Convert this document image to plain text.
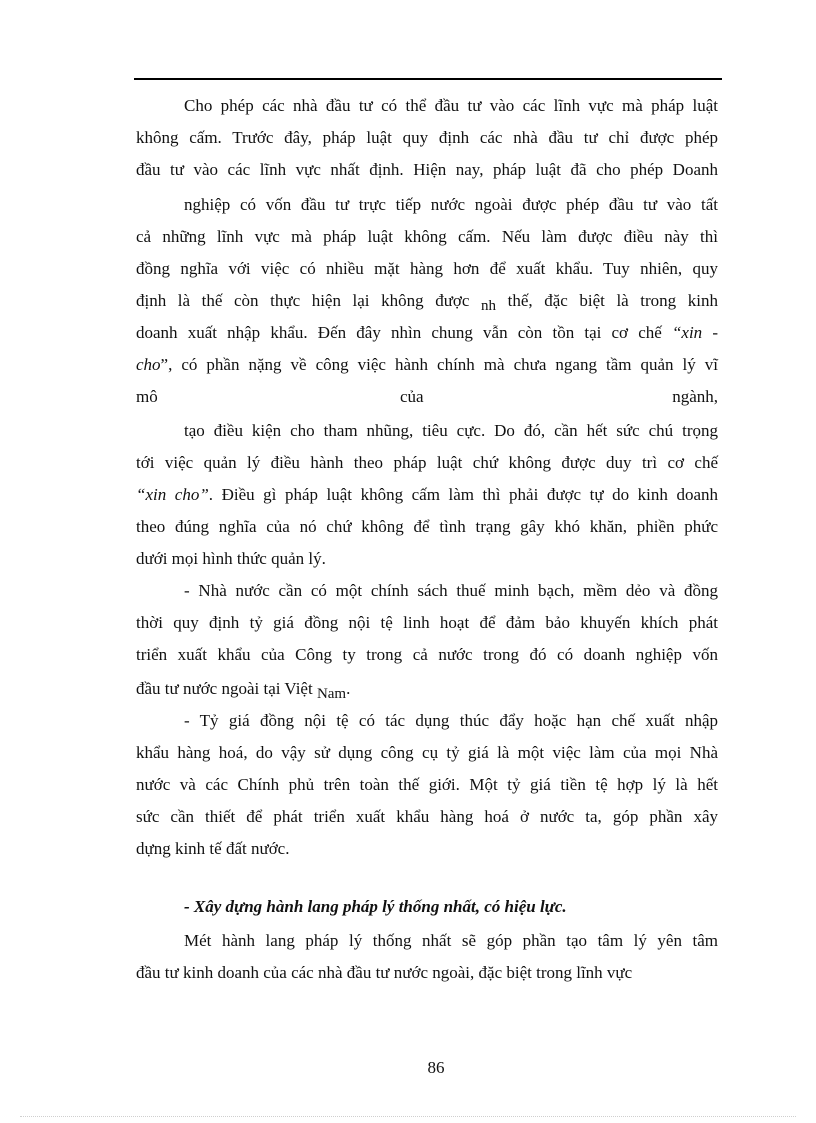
Cho phép các nhà đầu tư có thể đầu tư vào các lĩnh vực mà pháp luật
không cấm. Trước đây, pháp luật quy định các nhà đầu tư chỉ được phép
đầu tư vào các lĩnh vực nhất định. Hiện nay, pháp luật đã cho phép Doanh
nghiệp có vốn đầu tư trực tiếp nước ngoài được phép đầu tư vào tất
cả những lĩnh vực mà pháp luật không cấm. Nếu làm được điều này thì
đồng nghĩa với việc có nhiều mặt hàng hơn để xuất khẩu. Tuy nhiên, quy
định là thế còn thực hiện lại không được nh thế, đặc biệt là trong kinh
doanh xuất nhập khẩu. Đến đây nhìn chung vẫn còn tồn tại cơ chế “xin -
cho”, có phần nặng về công việc hành chính mà chưa ngang tầm quản lý vĩ
mô	của	ngành,
tạo điều kiện cho tham nhũng, tiêu cực. Do đó, cần hết sức chú trọng
tới việc quản lý điều hành theo pháp luật chứ không được duy trì cơ chế
“xin cho”. Điều gì pháp luật không cấm làm thì phải được tự do kinh doanh
theo đúng nghĩa của nó chứ không để tình trạng gây khó khăn, phiền phức
dưới mọi hình thức quản lý.
- Nhà nước cần có một chính sách thuế minh bạch, mềm dẻo và đồng
thời quy định tỷ giá đồng nội tệ linh hoạt để đảm bảo khuyến khích phát
triển xuất khẩu của Công ty trong cả nước trong đó có doanh nghiệp vốn
đầu tư nước ngoài tại Việt Nam.
- Tỷ giá đồng nội tệ có tác dụng thúc đẩy hoặc hạn chế xuất nhập
khẩu hàng hoá, do vậy sử dụng công cụ tỷ giá là một việc làm của mọi Nhà
nước và các Chính phủ trên toàn thế giới. Một tỷ giá tiền tệ hợp lý là hết
sức cần thiết để phát triển xuất khẩu hàng hoá ở nước ta, góp phần xây
dựng kinh tế đất nước.
- Xây dựng hành lang pháp lý thống nhất, có hiệu lực.
Mét hành lang pháp lý thống nhất sẽ góp phần tạo tâm lý yên tâm
đầu tư kinh doanh của các nhà đầu tư nước ngoài, đặc biệt trong lĩnh vực
86
